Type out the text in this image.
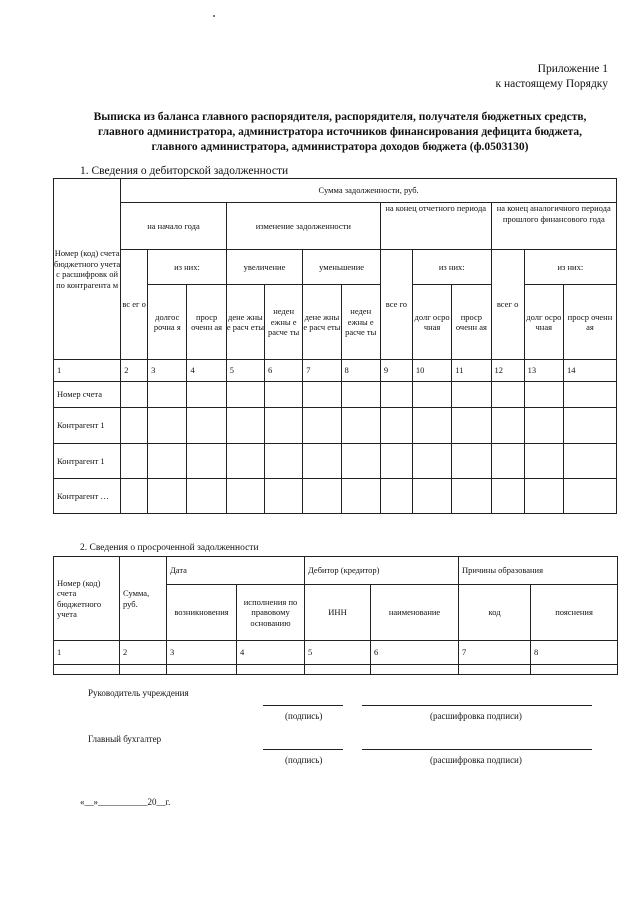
Приложение 1
к настоящему Порядку
Выписка из баланса главного распорядителя, распорядителя, получателя бюджетных средств,
главного администратора, администратора источников финансирования дефицита бюджета,
главного администратора, администратора доходов бюджета (ф.0503130)
1. Сведения о дебиторской задолженности
Номер (код) счета бюджетного учета с расшифровк ой по контрагента м	Сумма задолженности, руб.												
	на начало года			изменение задолженности				на конец отчетного периода			на конец аналогичного периода прошлого финансового года		
	вс ег о	из них:		увеличение		уменьшение		все го	из них:		всег о	из них:	
		долгос рочна я	проср оченн ая	дене жны е расч еты	неден ежны е расче ты	дене жны е расч еты	неден ежны е расче ты		долг осро чная	проср оченн ая		долг осро чная	проср оченн ая
1	2	3	4	5	6	7	8	9	10	11	12	13	14
Номер счета													
Контрагент 1													
Контрагент 1													
Контрагент …													
2. Сведения о просроченной задолженности
Номер (код) счета бюджетного учета	Сумма, руб.	Дата		Дебитор (кредитор)		Причины образования	
		возникновения	исполнения по правовому основанию	ИНН	наименование	код	пояснения
1	2	3	4	5	6	7	8

Руководитель учреждения
(подпись)	(расшифровка подписи)
Главный бухгалтер
(подпись)	(расшифровка подписи)
«__»___________20__г.
